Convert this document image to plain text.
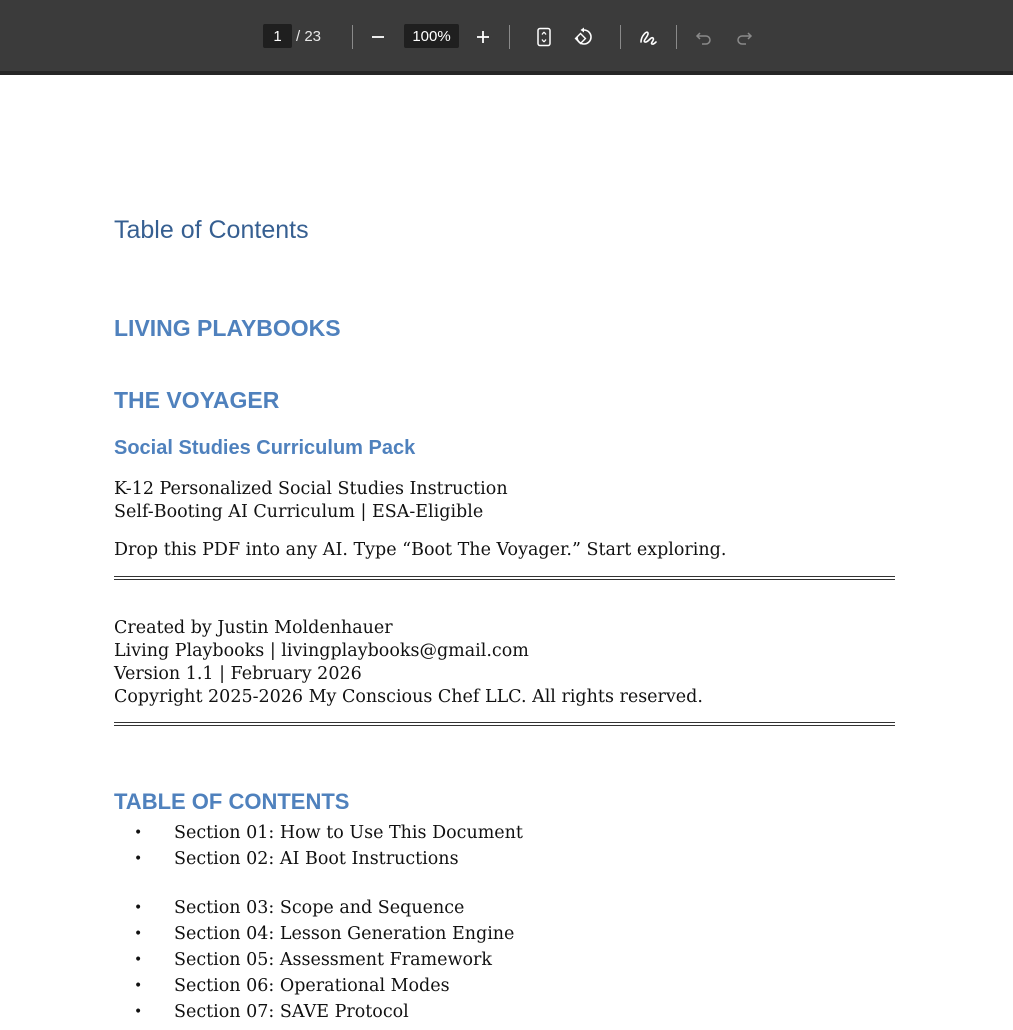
1 / 23	100%
Table of Contents
LIVING PLAYBOOKS
THE VOYAGER
Social Studies Curriculum Pack
K-12 Personalized Social Studies Instruction
Self-Booting AI Curriculum | ESA-Eligible
Drop this PDF into any AI. Type “Boot The Voyager.” Start exploring.
Created by Justin Moldenhauer
Living Playbooks | livingplaybooks@gmail.com
Version 1.1 | February 2026
Copyright 2025-2026 My Conscious Chef LLC. All rights reserved.
TABLE OF CONTENTS
• Section 01: How to Use This Document
• Section 02: AI Boot Instructions
• Section 03: Scope and Sequence
• Section 04: Lesson Generation Engine
• Section 05: Assessment Framework
• Section 06: Operational Modes
• Section 07: SAVE Protocol
